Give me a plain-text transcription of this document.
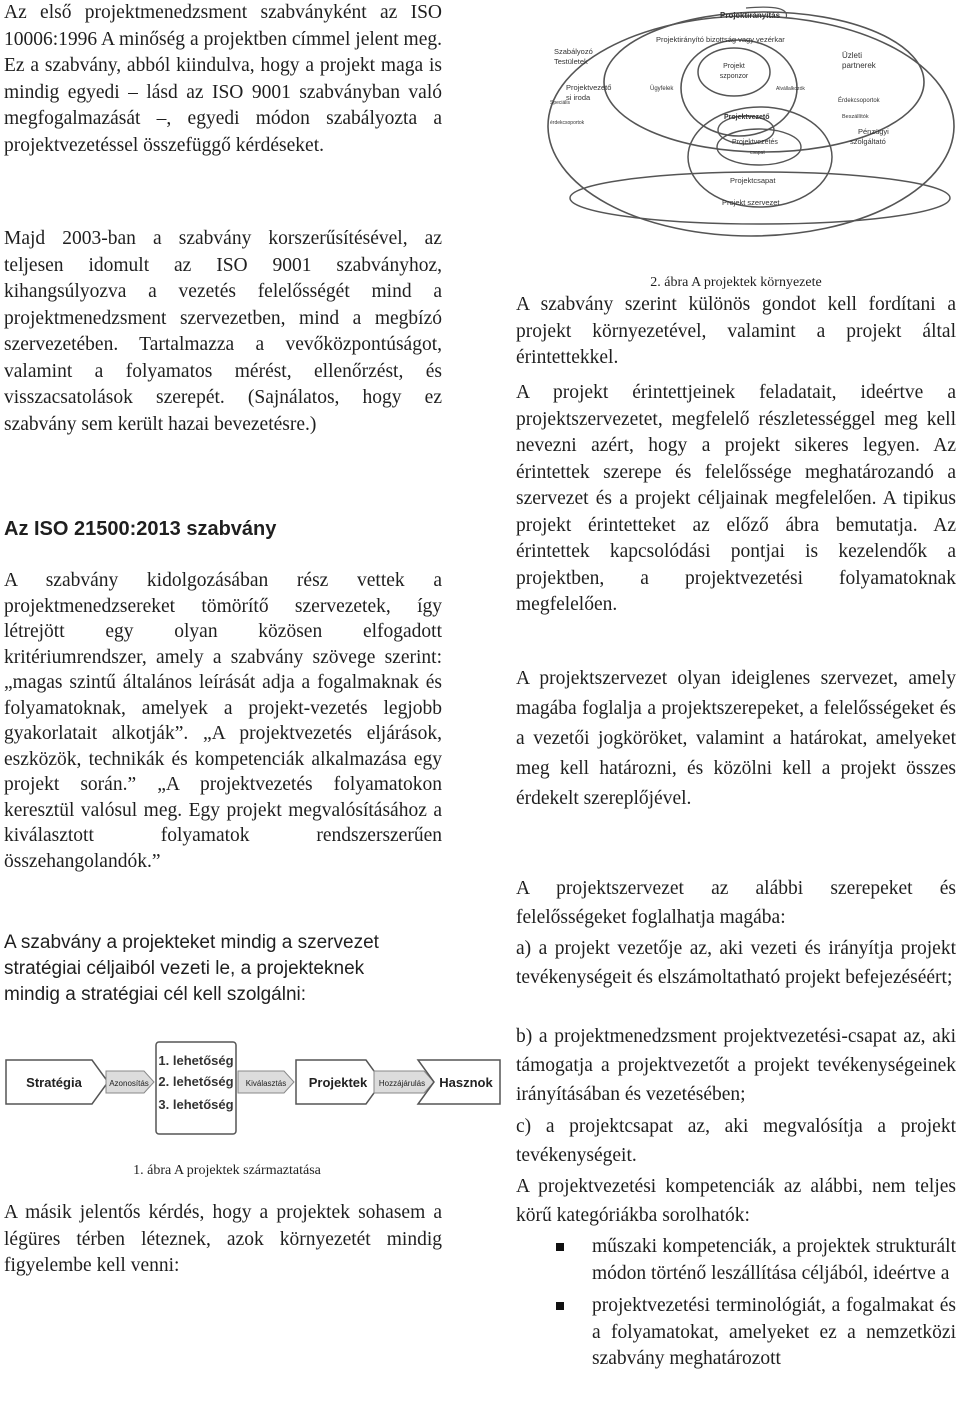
Az első projektmenedzsment szabványként az ISO 10006:1996 A minőség a projektben címmel jelent meg. Ez a szabvány, abból kiindulva, hogy a projekt maga is mindig egyedi – lásd az ISO 9001 szabványban való megfogalmazását –, egyedi módon szabályozta a projektvezetéssel összefüggő kérdéseket.

Majd 2003-ban a szabvány korszerűsítésével, az teljesen idomult az ISO 9001 szabványhoz, kihangsúlyozva a vezetés felelősségét mind a projektmenedzsment szervezetben, mind a megbízó szervezetében. Tartalmazza a vevőközpontúságot, valamint a folyamatos mérést, ellenőrzést, és visszacsatolások szerepét. (Sajnálatos, hogy ez szabvány sem került hazai bevezetésre.)

Az ISO 21500:2013 szabvány

A szabvány kidolgozásában rész vettek a projektmenedzsereket tömörítő szervezetek, így létrejött egy olyan közösen elfogadott kritériumrendszer, amely a szabvány szövege szerint: „magas szintű általános leírását adja a fogalmaknak és folyamatoknak, amelyek a projekt-vezetés legjobb gyakorlatait alkotják”. „A projektvezetés eljárások, eszközök, technikák és kompetenciák alkalmazása egy projekt során.” „A projektvezetés folyamatokon keresztül valósul meg. Egy projekt megvalósításához a kiválasztott folyamatok rendszerszerűen összehangolandók.”

A szabvány a projekteket mindig a szervezet stratégiai céljaiból vezeti le, a projekteknek mindig a stratégiai cél kell szolgálni:

Stratégia	Azonosítás
1. lehetőség
2. lehetőség
3. lehetőség
Kiválasztás Projektek Hozzájárulás Hasznok

1. ábra A projektek származtatása

A másik jelentős kérdés, hogy a projektek sohasem a légüres térben léteznek, azok környezetét mindig figyelembe kell venni:

Projektirányítás
Projektirányító bizottság vagy vezérkar
Szabályozó
Testületek
Speciális
érdekcsoportok
Projektvezető
si iroda
Projekt
szponzor
Üzleti
partnerek
Ügyfelek	Alvállalkozók
Projektvezető
Projektvezetés
csapat
Érdekcsoportok
Beszállítók
Pénzügyi
szolgáltató
Projektcsapat
Projekt szervezet

2. ábra A projektek környezete

A szabvány szerint különös gondot kell fordítani a projekt környezetével, valamint a projekt által érintettekkel.

A projekt érintettjeinek feladatait, ideértve a projektszervezetet, megfelelő részletességgel meg kell nevezni azért, hogy a projekt sikeres legyen. Az érintettek szerepe és felelőssége meghatározandó a szervezet és a projekt céljainak megfelelően. A tipikus projekt érintetteket az előző ábra bemutatja. Az érintettek kapcsolódási pontjai is kezelendők a projektben, a projektvezetési folyamatoknak megfelelően.

A projektszervezet olyan ideiglenes szervezet, amely magába foglalja a projektszerepeket, a felelősségeket és a vezetői jogköröket, valamint a határokat, amelyeket meg kell határozni, és közölni kell a projekt összes érdekelt szereplőjével.

A projektszervezet az alábbi szerepeket és felelősségeket foglalhatja magába:

a) a projekt vezetője az, aki vezeti és irányítja projekt tevékenységeit és elszámoltatható projekt befejezéséért;

b) a projektmenedzsment projektvezetési-csapat az, aki támogatja a projektvezetőt a projekt tevékenységeinek irányításában és vezetésében;

c) a projektcsapat az, aki megvalósítja a projekt tevékenységeit.

A projektvezetési kompetenciák az alábbi, nem teljes körű kategóriákba sorolhatók:

műszaki kompetenciák, a projektek strukturált módon történő leszállítása céljából, ideértve a
projektvezetési terminológiát, a fogalmakat és a folyamatokat, amelyeket ez a nemzetközi szabvány meghatározott
